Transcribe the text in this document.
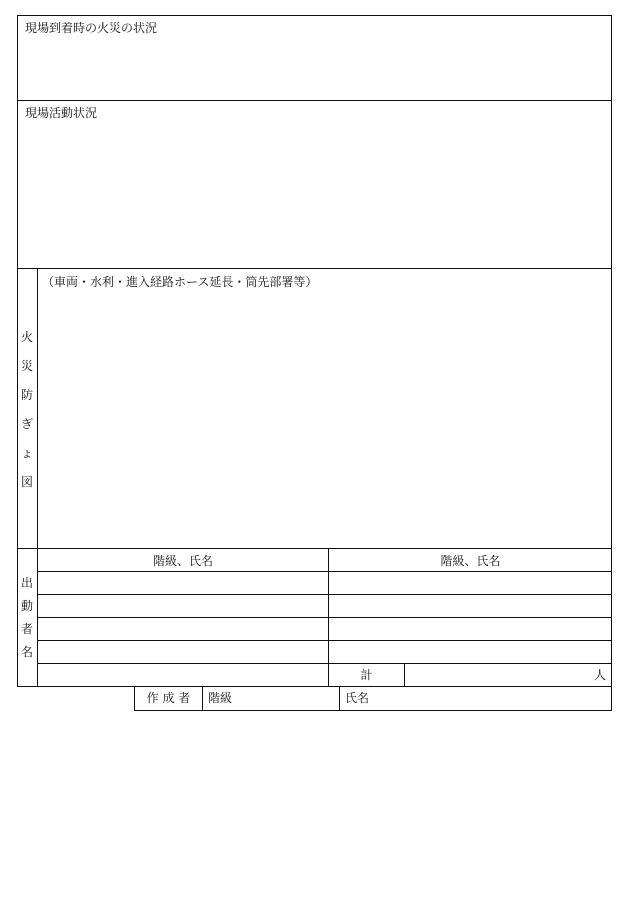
現場到着時の火災の状況
現場活動状況
（車両・水利・進入経路ホース延長・筒先部署等）
火
災
防
ぎ
ょ
図
出
動
者
名
階級、氏名	階級、氏名
計	人
作 成 者	階級	氏名
